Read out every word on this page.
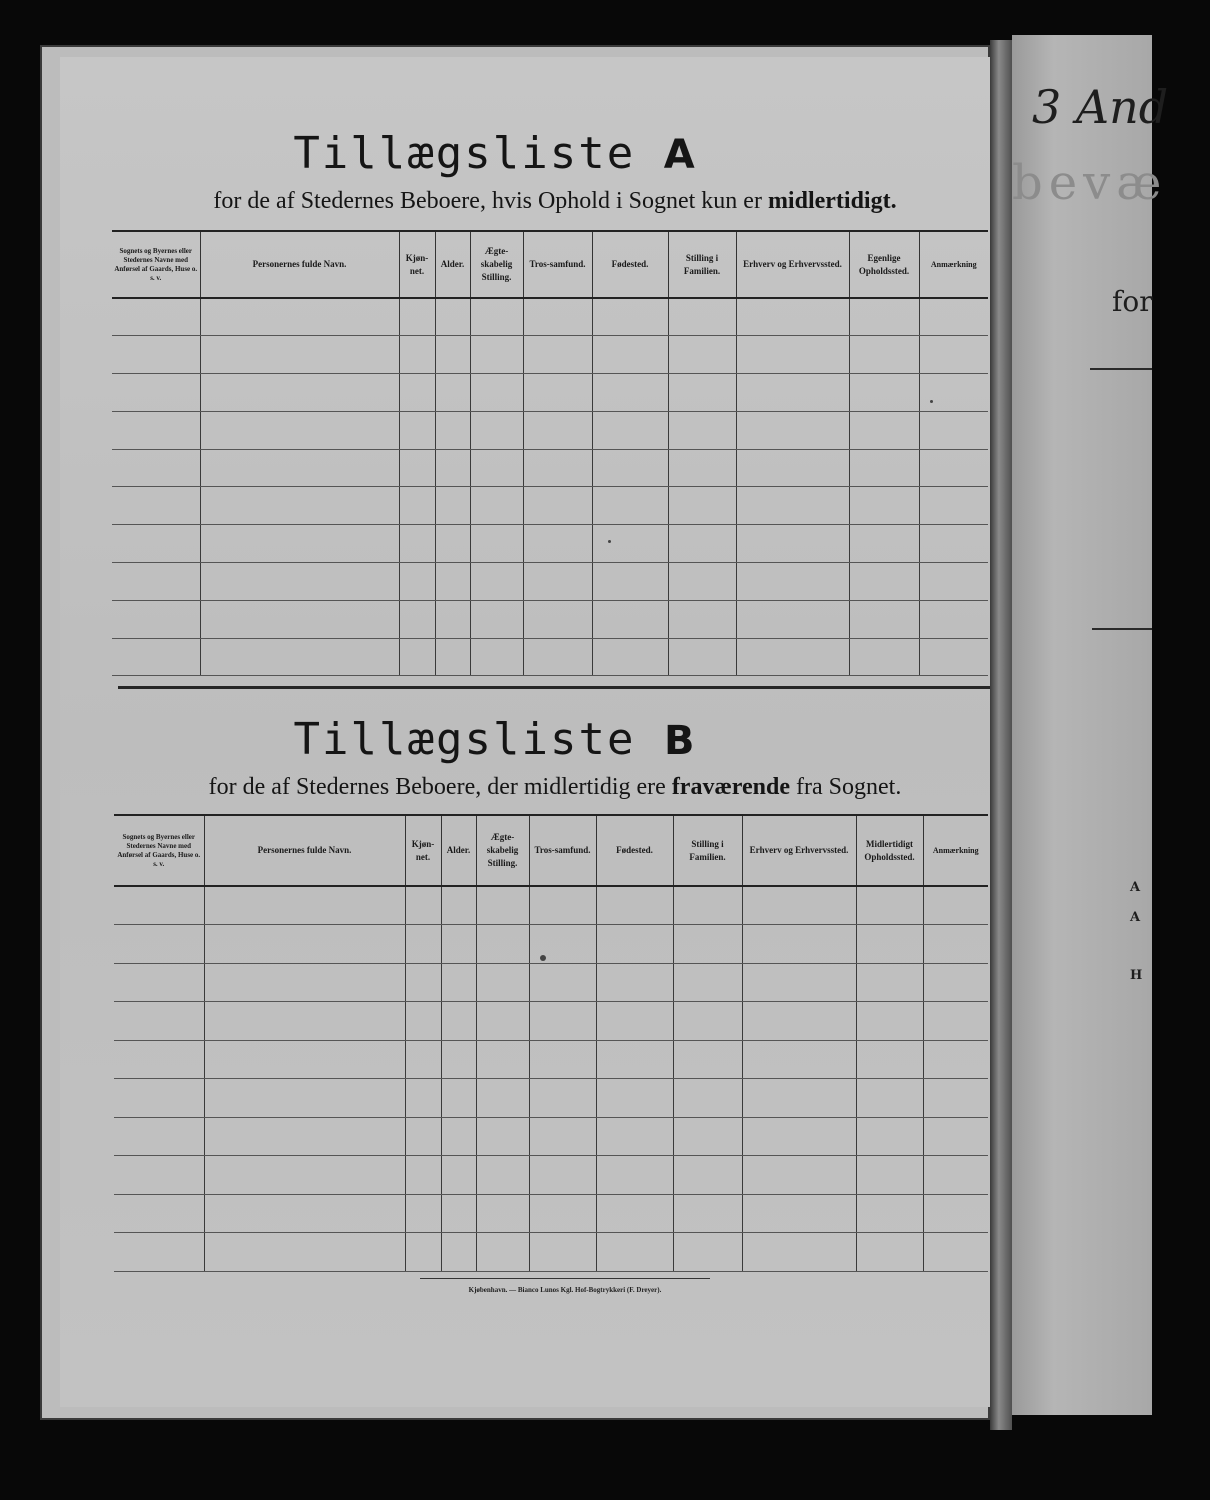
3 And
bevæ
for
A
A
H
Tillægsliste A
for de af Stedernes Beboere, hvis Ophold i Sognet kun er midlertidigt.
Sognets og Byernes eller Stedernes Navne med Anførsel af Gaards, Huse o. s. v.	Personernes fulde Navn.	Kjøn-net.	Alder.	Ægte-skabelig Stilling.	Tros-samfund.	Fødested.	Stilling i Familien.	Erhverv og Erhvervssted.	Egenlige Opholdssted.	Anmærkning

Tillægsliste B
for de af Stedernes Beboere, der midlertidig ere fraværende fra Sognet.
Sognets og Byernes eller Stedernes Navne med Anførsel af Gaards, Huse o. s. v.	Personernes fulde Navn.	Kjøn-net.	Alder.	Ægte-skabelig Stilling.	Tros-samfund.	Fødested.	Stilling i Familien.	Erhverv og Erhvervssted.	Midlertidigt Opholdssted.	Anmærkning

Kjøbenhavn. — Bianco Lunos Kgl. Hof-Bogtrykkeri (F. Dreyer).
